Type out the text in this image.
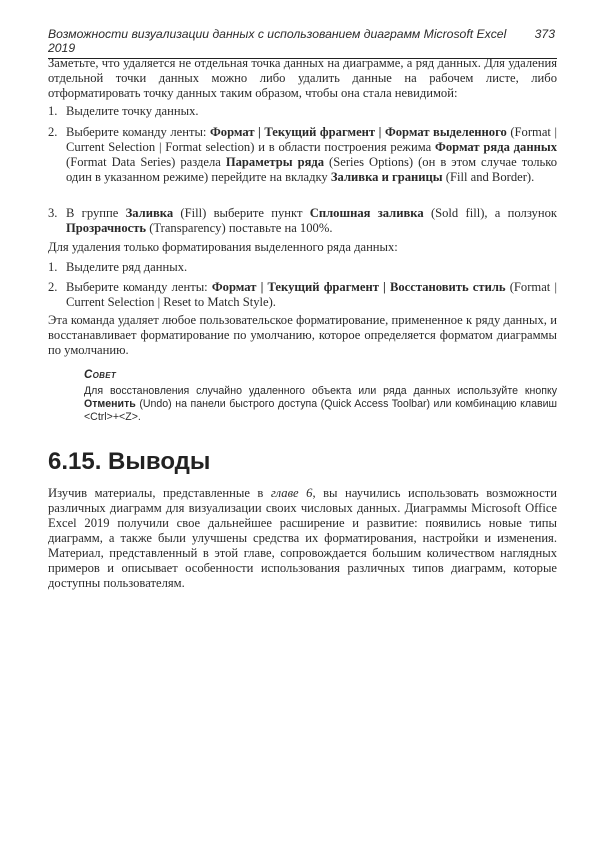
Возможности визуализации данных с использованием диаграмм Microsoft Excel 2019
373

Заметьте, что удаляется не отдельная точка данных на диаграмме, а ряд данных. Для удаления отдельной точки данных можно либо удалить данные на рабочем листе, либо отформатировать точку данных таким образом, чтобы она стала невидимой:

1. Выделите точку данных.
2. Выберите команду ленты: Формат | Текущий фрагмент | Формат выделенного (Format | Current Selection | Format selection) и в области построения режима Формат ряда данных (Format Data Series) раздела Параметры ряда (Series Options) (он в этом случае только один в указанном режиме) перейдите на вкладку Заливка и границы (Fill and Border).
3. В группе Заливка (Fill) выберите пункт Сплошная заливка (Sold fill), а ползунок Прозрачность (Transparency) поставьте на 100%.

Для удаления только форматирования выделенного ряда данных:

1. Выделите ряд данных.
2. Выберите команду ленты: Формат | Текущий фрагмент | Восстановить стиль (Format | Current Selection | Reset to Match Style).

Эта команда удаляет любое пользовательское форматирование, примененное к ряду данных, и восстанавливает форматирование по умолчанию, которое определяется форматом диаграммы по умолчанию.

Совет
Для восстановления случайно удаленного объекта или ряда данных используйте кнопку Отменить (Undo) на панели быстрого доступа (Quick Access Toolbar) или комбинацию клавиш <Ctrl>+<Z>.
6.15. Выводы

Изучив материалы, представленные в главе 6, вы научились использовать возможности различных диаграмм для визуализации своих числовых данных. Диаграммы Microsoft Office Excel 2019 получили свое дальнейшее расширение и развитие: появились новые типы диаграмм, а также были улучшены средства их форматирования, настройки и изменения. Материал, представленный в этой главе, сопровождается большим количеством наглядных примеров и описывает особенности использования различных типов диаграмм, которые доступны пользователям.
